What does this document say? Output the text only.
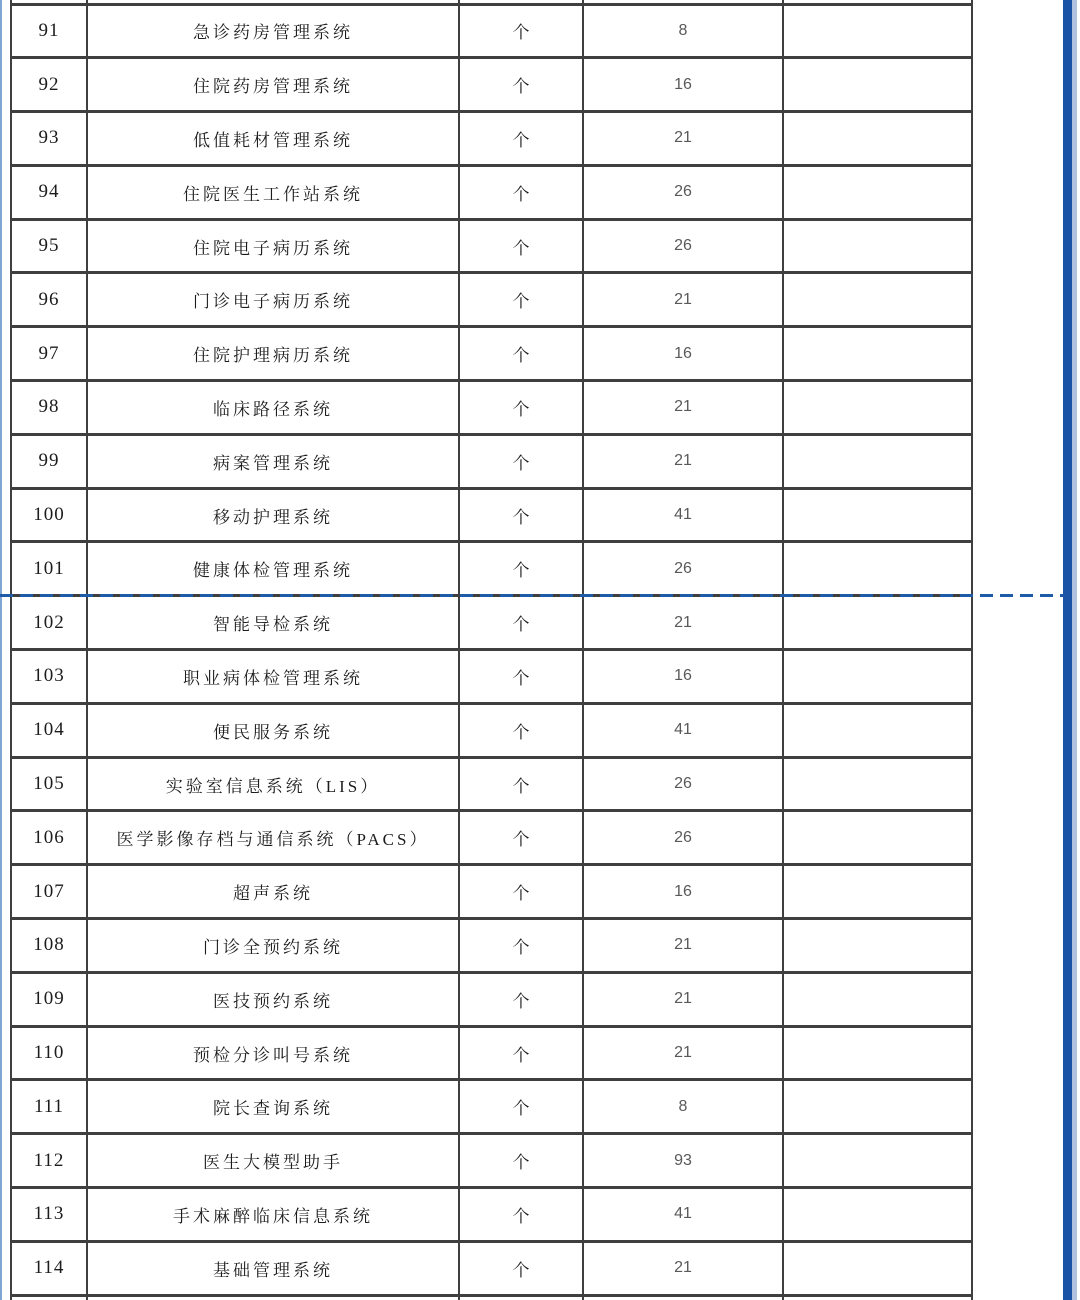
91	急诊药房管理系统	个	8	
92	住院药房管理系统	个	16	
93	低值耗材管理系统	个	21	
94	住院医生工作站系统	个	26	
95	住院电子病历系统	个	26	
96	门诊电子病历系统	个	21	
97	住院护理病历系统	个	16	
98	临床路径系统	个	21	
99	病案管理系统	个	21	
100	移动护理系统	个	41	
101	健康体检管理系统	个	26	
102	智能导检系统	个	21	
103	职业病体检管理系统	个	16	
104	便民服务系统	个	41	
105	实验室信息系统（LIS）	个	26	
106	医学影像存档与通信系统（PACS）	个	26	
107	超声系统	个	16	
108	门诊全预约系统	个	21	
109	医技预约系统	个	21	
110	预检分诊叫号系统	个	21	
111	院长查询系统	个	8	
112	医生大模型助手	个	93	
113	手术麻醉临床信息系统	个	41	
114	基础管理系统	个	21	
